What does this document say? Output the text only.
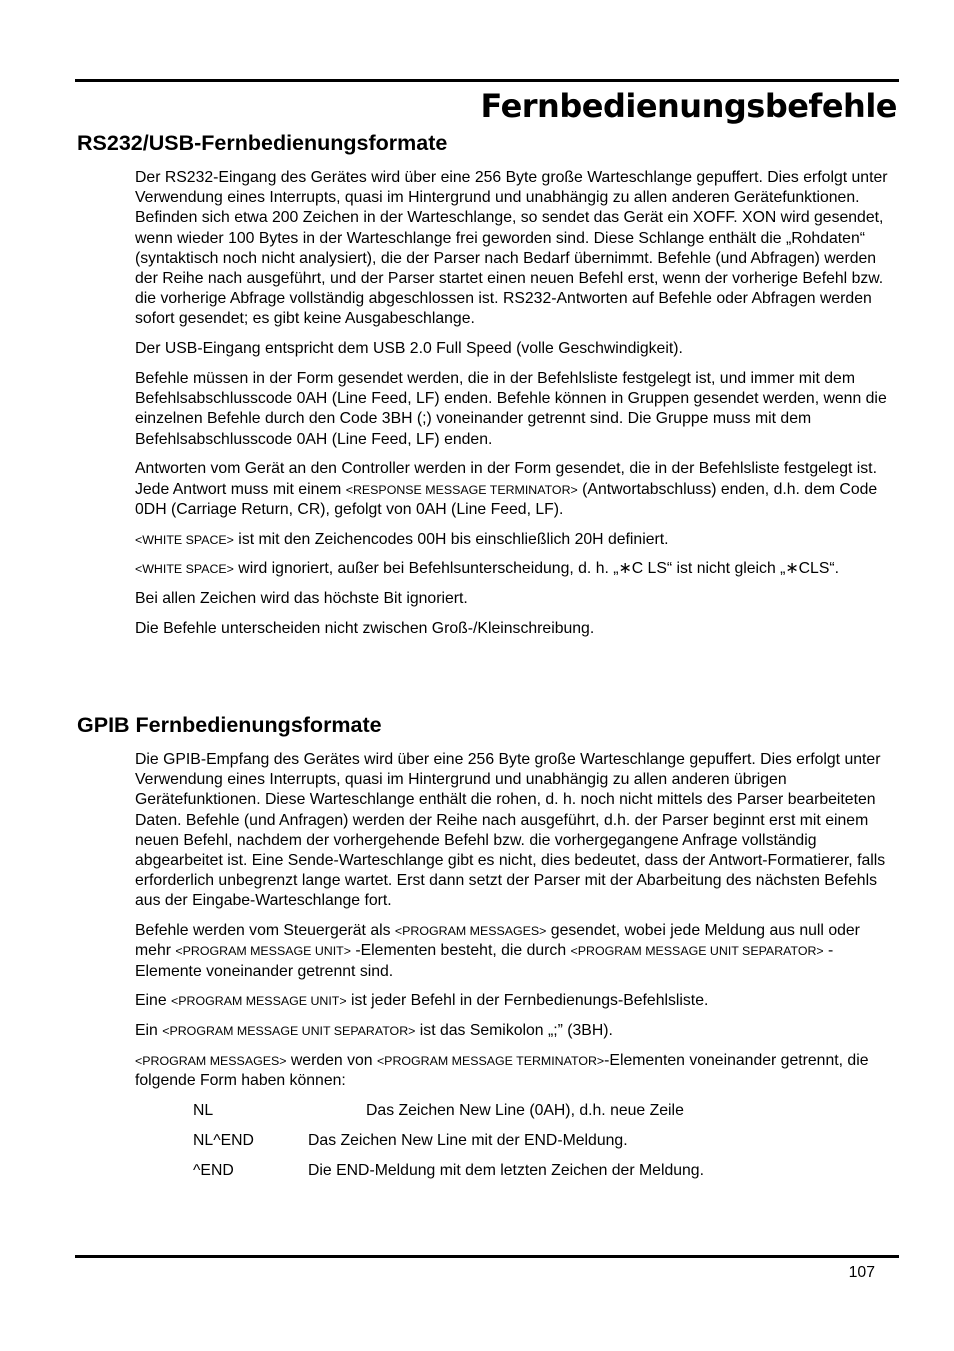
Fernbedienungsbefehle
RS232/USB-Fernbedienungsformate

Der RS232-Eingang des Gerätes wird über eine 256 Byte große Warteschlange gepuffert. Dies erfolgt unter Verwendung eines Interrupts, quasi im Hintergrund und unabhängig zu allen anderen Gerätefunktionen. Befinden sich etwa 200 Zeichen in der Warteschlange, so sendet das Gerät ein XOFF. XON wird gesendet, wenn wieder 100 Bytes in der Warteschlange frei geworden sind. Diese Schlange enthält die „Rohdaten“ (syntaktisch noch nicht analysiert), die der Parser nach Bedarf übernimmt. Befehle (und Abfragen) werden der Reihe nach ausgeführt, und der Parser startet einen neuen Befehl erst, wenn der vorherige Befehl bzw. die vorherige Abfrage vollständig abgeschlossen ist. RS232-Antworten auf Befehle oder Abfragen werden sofort gesendet; es gibt keine Ausgabeschlange.

Der USB-Eingang entspricht dem USB 2.0 Full Speed (volle Geschwindigkeit).

Befehle müssen in der Form gesendet werden, die in der Befehlsliste festgelegt ist, und immer mit dem Befehlsabschlusscode 0AH (Line Feed, LF) enden. Befehle können in Gruppen gesendet werden, wenn die einzelnen Befehle durch den Code 3BH (;) voneinander getrennt sind. Die Gruppe muss mit dem Befehlsabschlusscode 0AH (Line Feed, LF) enden.

Antworten vom Gerät an den Controller werden in der Form gesendet, die in der Befehlsliste festgelegt ist. Jede Antwort muss mit einem <RESPONSE MESSAGE TERMINATOR> (Antwortabschluss) enden, d.h. dem Code 0DH (Carriage Return, CR), gefolgt von 0AH (Line Feed, LF).

<WHITE SPACE> ist mit den Zeichencodes 00H bis einschließlich 20H definiert.

<WHITE SPACE> wird ignoriert, außer bei Befehlsunterscheidung, d. h. „∗C LS“ ist nicht gleich „∗CLS“.

Bei allen Zeichen wird das höchste Bit ignoriert.

Die Befehle unterscheiden nicht zwischen Groß-/Kleinschreibung.

GPIB Fernbedienungsformate

Die GPIB-Empfang des Gerätes wird über eine 256 Byte große Warteschlange gepuffert. Dies erfolgt unter Verwendung eines Interrupts, quasi im Hintergrund und unabhängig zu allen anderen übrigen Gerätefunktionen. Diese Warteschlange enthält die rohen, d. h. noch nicht mittels des Parser bearbeiteten Daten. Befehle (und Anfragen) werden der Reihe nach ausgeführt, d.h. der Parser beginnt erst mit einem neuen Befehl, nachdem der vorhergehende Befehl bzw. die vorhergegangene Anfrage vollständig abgearbeitet ist. Eine Sende-Warteschlange gibt es nicht, dies bedeutet, dass der Antwort-Formatierer, falls erforderlich unbegrenzt lange wartet. Erst dann setzt der Parser mit der Abarbeitung des nächsten Befehls aus der Eingabe-Warteschlange fort.

Befehle werden vom Steuergerät als <PROGRAM MESSAGES> gesendet, wobei jede Meldung aus null oder mehr <PROGRAM MESSAGE UNIT> -Elementen besteht, die durch <PROGRAM MESSAGE UNIT SEPARATOR> -Elemente voneinander getrennt sind.

Eine <PROGRAM MESSAGE UNIT> ist jeder Befehl in der Fernbedienungs-Befehlsliste.

Ein <PROGRAM MESSAGE UNIT SEPARATOR> ist das Semikolon „;” (3BH).

<PROGRAM MESSAGES> werden von <PROGRAM MESSAGE TERMINATOR>-Elementen voneinander getrennt, die folgende Form haben können:

NL	Das Zeichen New Line (0AH), d.h. neue Zeile
NL^END	Das Zeichen New Line mit der END-Meldung.
^END	Die END-Meldung mit dem letzten Zeichen der Meldung.
107
